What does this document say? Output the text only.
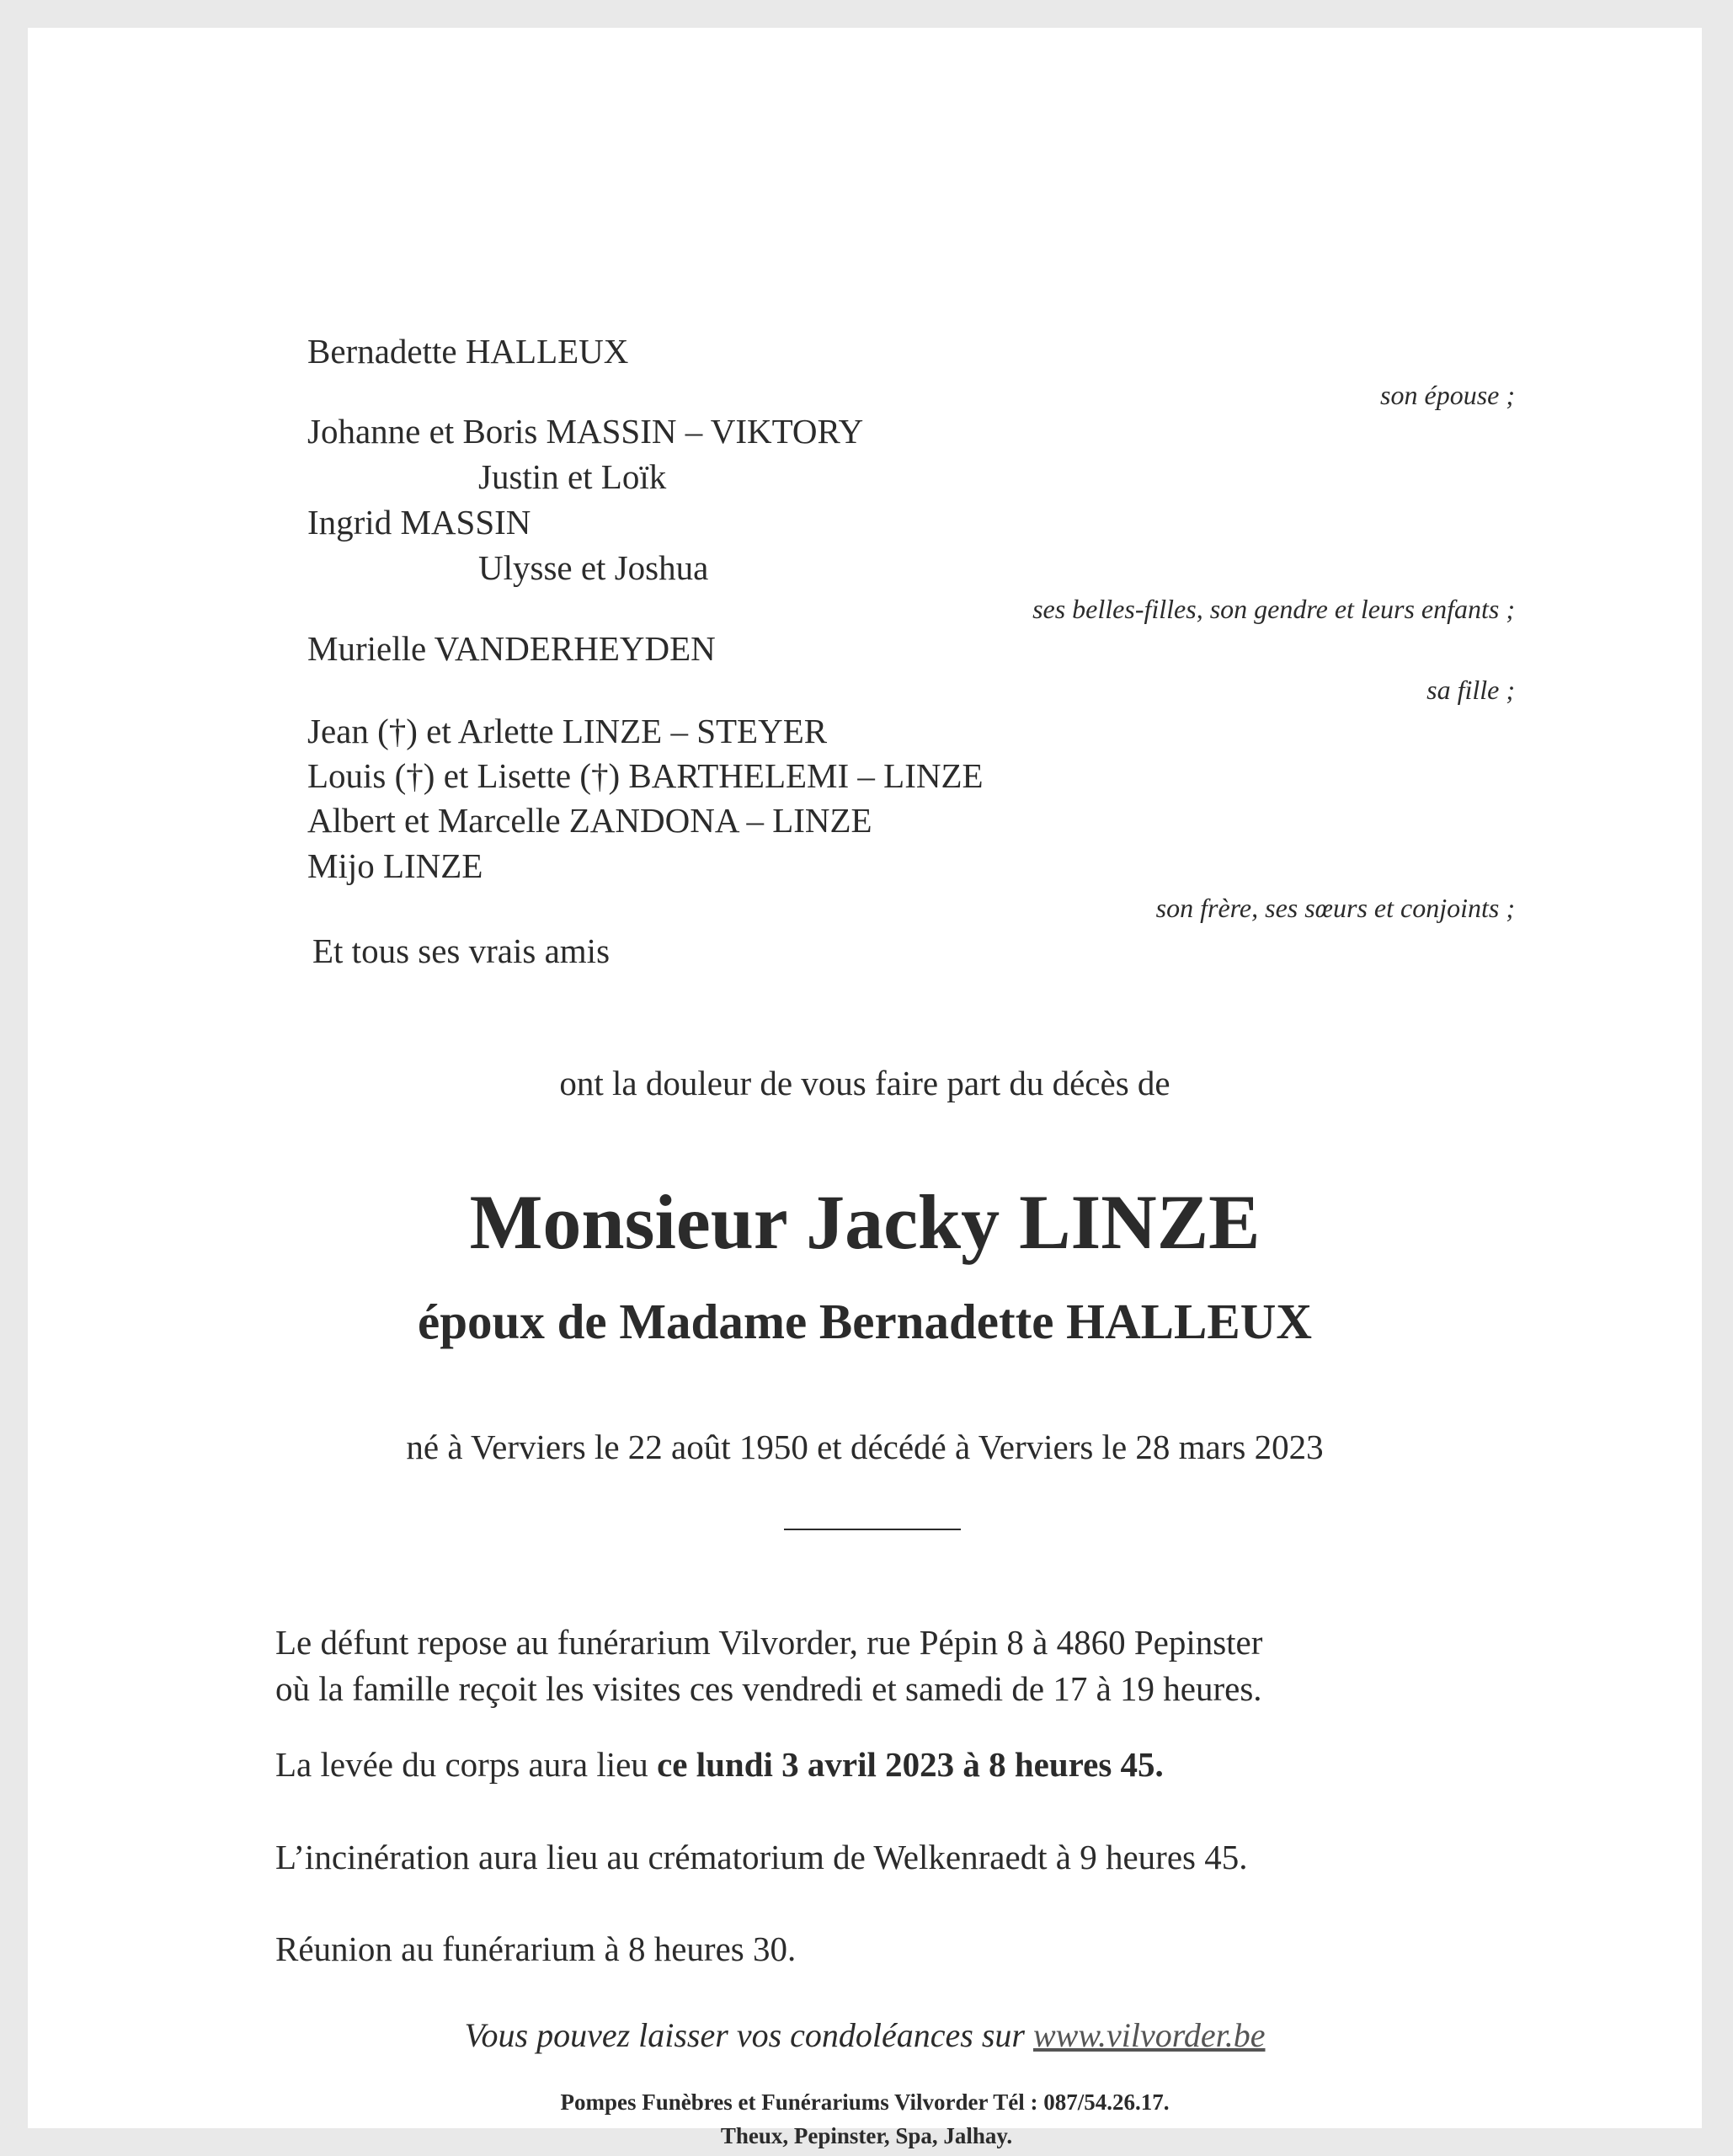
Bernadette HALLEUX
son épouse ;
Johanne et Boris MASSIN – VIKTORY
Justin et Loïk
Ingrid MASSIN
Ulysse et Joshua
ses belles-filles, son gendre et leurs enfants ;
Murielle VANDERHEYDEN
sa fille ;
Jean (†) et Arlette LINZE – STEYER
Louis (†) et Lisette (†) BARTHELEMI – LINZE
Albert et Marcelle ZANDONA – LINZE
Mijo LINZE
son frère, ses sœurs et conjoints ;
Et tous ses vrais amis
ont la douleur de vous faire part du décès de
Monsieur Jacky LINZE
époux de Madame Bernadette HALLEUX
né à Verviers le 22 août 1950 et décédé à Verviers le 28 mars 2023
Le défunt repose au funérarium Vilvorder, rue Pépin 8 à 4860 Pepinster
où la famille reçoit les visites ces vendredi et samedi de 17 à 19 heures.
La levée du corps aura lieu ce lundi 3 avril 2023 à 8 heures 45.
L’incinération aura lieu au crématorium de Welkenraedt à 9 heures 45.
Réunion au funérarium à 8 heures 30.
Vous pouvez laisser vos condoléances sur www.vilvorder.be
Pompes Funèbres et Funérariums Vilvorder Tél : 087/54.26.17.
Theux, Pepinster, Spa, Jalhay.
